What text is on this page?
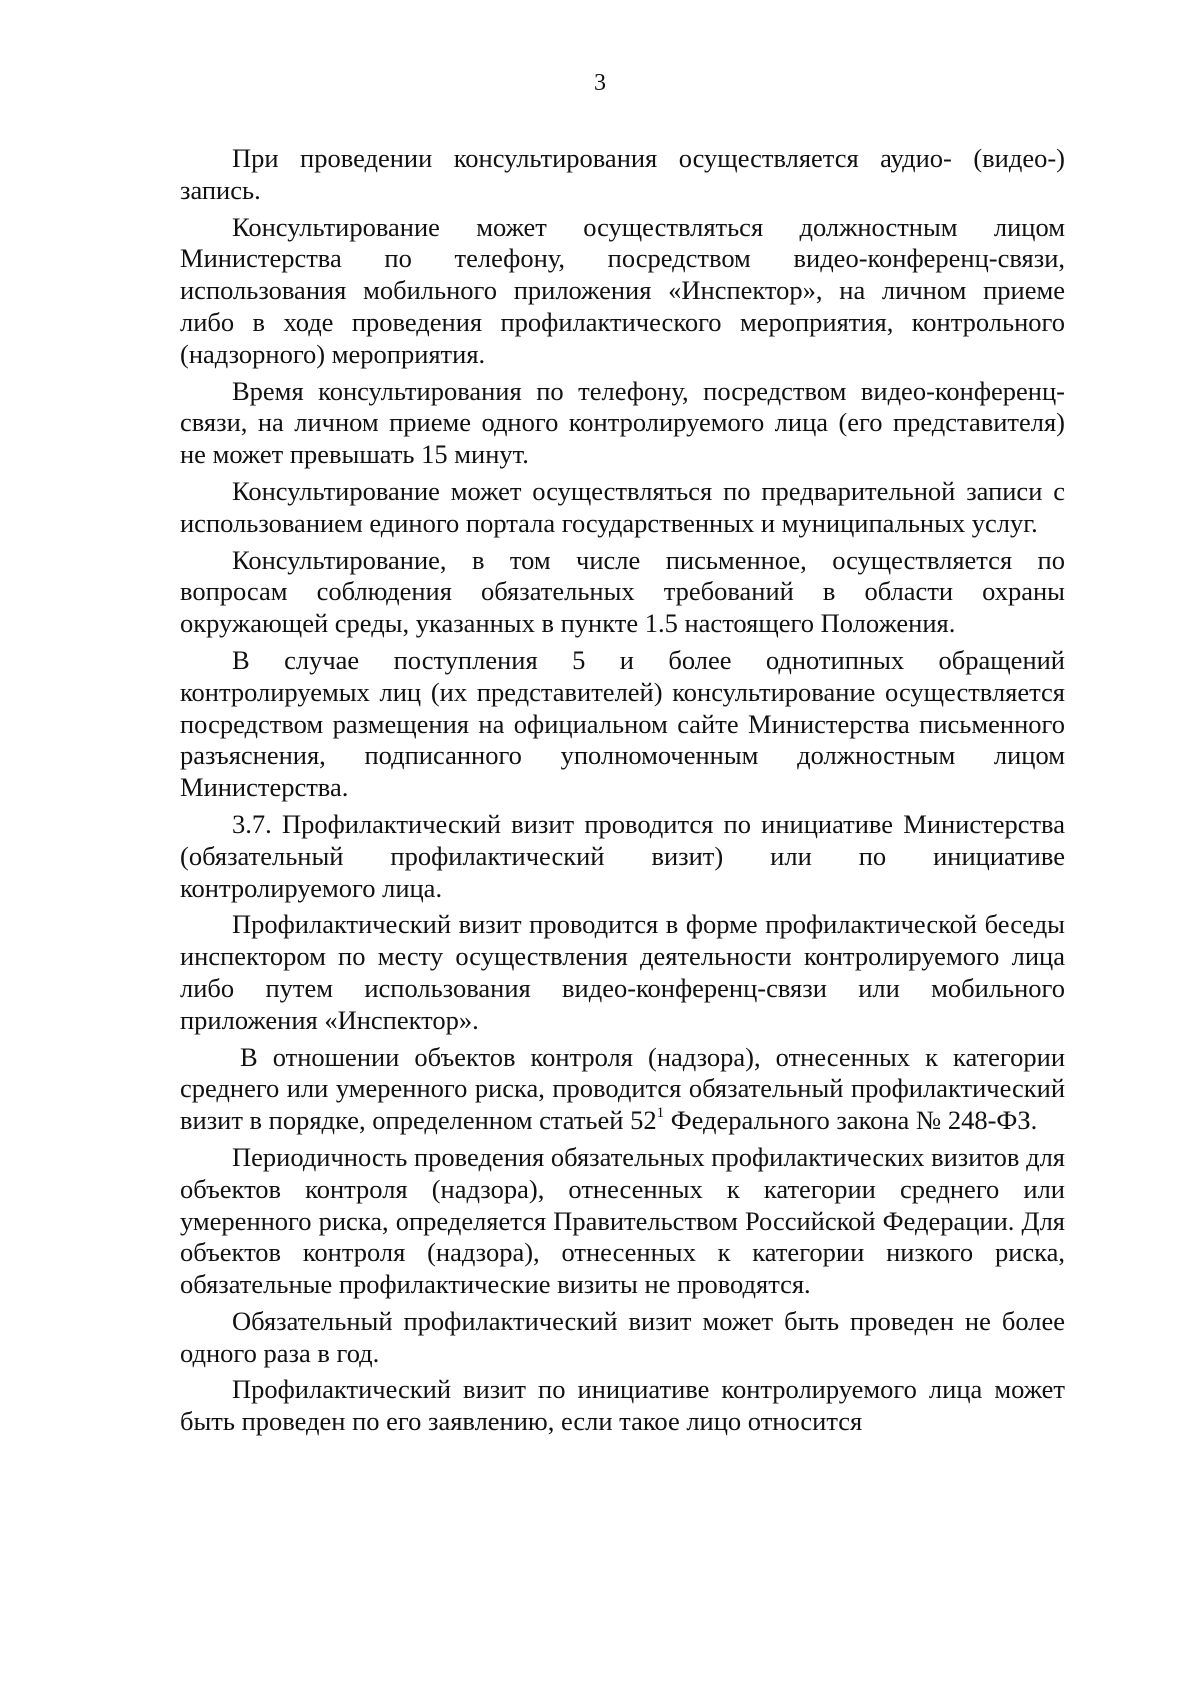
3

При проведении консультирования осуществляется аудио- (видео-) запись.

Консультирование может осуществляться должностным лицом Министерства по телефону, посредством видео-конференц-связи, использования мобильного приложения «Инспектор», на личном приеме либо в ходе проведения профилактического мероприятия, контрольного (надзорного) мероприятия.

Время консультирования по телефону, посредством видео-конференц-связи, на личном приеме одного контролируемого лица (его представителя) не может превышать 15 минут.

Консультирование может осуществляться по предварительной записи с использованием единого портала государственных и муниципальных услуг.

Консультирование, в том числе письменное, осуществляется по вопросам соблюдения обязательных требований в области охраны окружающей среды, указанных в пункте 1.5 настоящего Положения.

В случае поступления 5 и более однотипных обращений контролируемых лиц (их представителей) консультирование осуществляется посредством размещения на официальном сайте Министерства письменного разъяснения, подписанного уполномоченным должностным лицом Министерства.

3.7. Профилактический визит проводится по инициативе Министерства (обязательный профилактический визит) или по инициативе контролируемого лица.

Профилактический визит проводится в форме профилактической беседы инспектором по месту осуществления деятельности контролируемого лица либо путем использования видео-конференц-связи или мобильного приложения «Инспектор».

В отношении объектов контроля (надзора), отнесенных к категории среднего или умеренного риска, проводится обязательный профилактический визит в порядке, определенном статьей $52^1$ Федерального закона № 248-ФЗ.

Периодичность проведения обязательных профилактических визитов для объектов контроля (надзора), отнесенных к категории среднего или умеренного риска, определяется Правительством Российской Федерации. Для объектов контроля (надзора), отнесенных к категории низкого риска, обязательные профилактические визиты не проводятся.

Обязательный профилактический визит может быть проведен не более одного раза в год.

Профилактический визит по инициативе контролируемого лица может быть проведен по его заявлению, если такое лицо относится
